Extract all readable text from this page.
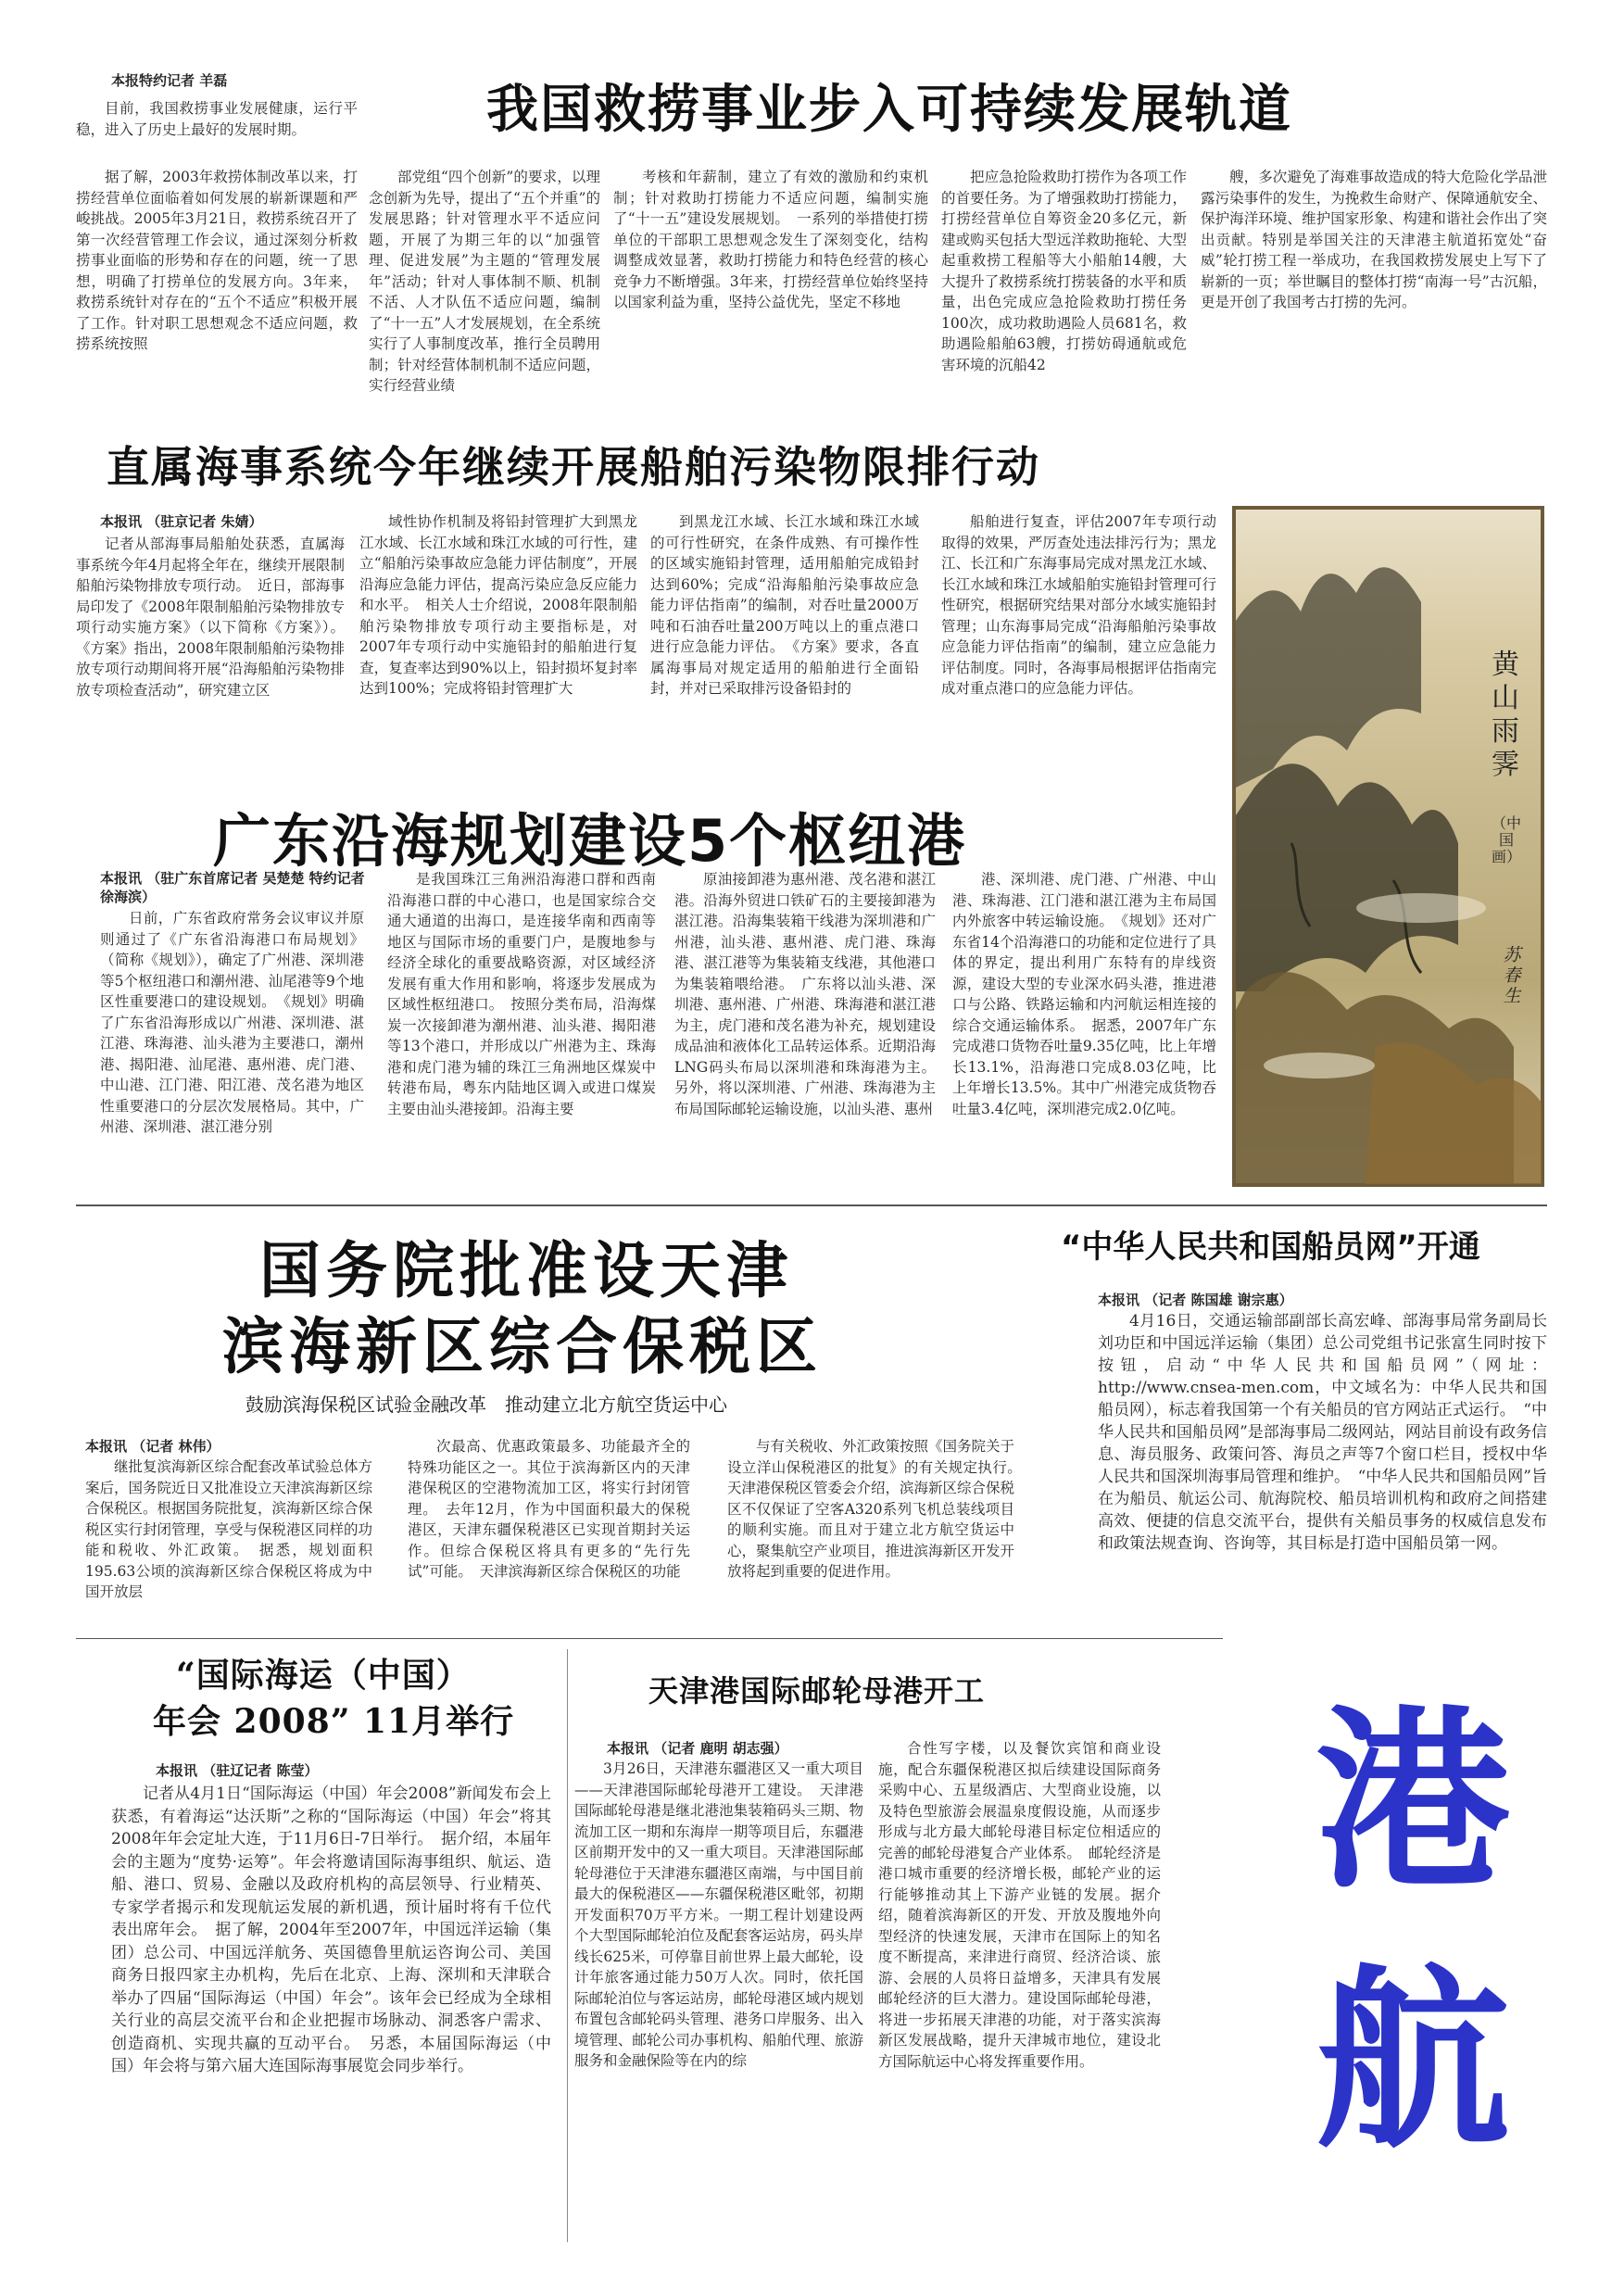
本报特约记者 羊磊	我国救捞事业步入可持续发展轨道

目前，我国救捞事业发展健康，运行平稳，进入了历史上最好的发展时期。

据了解，2003年救捞体制改革以来，打捞经营单位面临着如何发展的崭新课题和严峻挑战。2005年3月21日，救捞系统召开了第一次经营管理工作会议，通过深刻分析救捞事业面临的形势和存在的问题，统一了思想，明确了打捞单位的发展方向。3年来，救捞系统针对存在的“五个不适应”积极开展了工作。针对职工思想观念不适应问题，救捞系统按照

部党组“四个创新”的要求，以理念创新为先导，提出了“五个并重”的发展思路；针对管理水平不适应问题，开展了为期三年的以“加强管理、促进发展”为主题的“管理发展年”活动；针对人事体制不顺、机制不活、人才队伍不适应问题，编制了“十一五”人才发展规划，在全系统实行了人事制度改革，推行全员聘用制；针对经营体制机制不适应问题，实行经营业绩

考核和年薪制，建立了有效的激励和约束机制；针对救助打捞能力不适应问题，编制实施了“十一五”建设发展规划。　一系列的举措使打捞单位的干部职工思想观念发生了深刻变化，结构调整成效显著，救助打捞能力和特色经营的核心竞争力不断增强。3年来，打捞经营单位始终坚持以国家利益为重，坚持公益优先，坚定不移地

把应急抢险救助打捞作为各项工作的首要任务。为了增强救助打捞能力，打捞经营单位自筹资金20多亿元，新建或购买包括大型远洋救助拖轮、大型起重救捞工程船等大小船舶14艘，大大提升了救捞系统打捞装备的水平和质量，出色完成应急抢险救助打捞任务100次，成功救助遇险人员681名，救助遇险船舶63艘，打捞妨碍通航或危害环境的沉船42

艘，多次避免了海难事故造成的特大危险化学品泄露污染事件的发生，为挽救生命财产、保障通航安全、保护海洋环境、维护国家形象、构建和谐社会作出了突出贡献。特别是举国关注的天津港主航道拓宽处“奋威”轮打捞工程一举成功，在我国救捞发展史上写下了崭新的一页；举世瞩目的整体打捞“南海一号”古沉船，更是开创了我国考古打捞的先河。

直属海事系统今年继续开展船舶污染物限排行动
本报讯 （驻京记者 朱婧）

记者从部海事局船舶处获悉，直属海事系统今年4月起将全年在，继续开展限制船舶污染物排放专项行动。　近日，部海事局印发了《2008年限制船舶污染物排放专项行动实施方案》（以下简称《方案》）。《方案》指出，2008年限制船舶污染物排放专项行动期间将开展“沿海船舶污染物排放专项检查活动”，研究建立区

域性协作机制及将铅封管理扩大到黑龙江水域、长江水域和珠江水域的可行性，建立“船舶污染事故应急能力评估制度”，开展沿海应急能力评估，提高污染应急反应能力和水平。　相关人士介绍说，2008年限制船舶污染物排放专项行动主要指标是，对2007年专项行动中实施铅封的船舶进行复查，复查率达到90%以上，铅封损坏复封率达到100%；完成将铅封管理扩大

到黑龙江水域、长江水域和珠江水域的可行性研究，在条件成熟、有可操作性的区域实施铅封管理，适用船舶完成铅封达到60%；完成“沿海船舶污染事故应急能力评估指南”的编制，对吞吐量2000万吨和石油吞吐量200万吨以上的重点港口进行应急能力评估。　《方案》要求，各直属海事局对规定适用的船舶进行全面铅封，并对已采取排污设备铅封的

船舶进行复查，评估2007年专项行动取得的效果，严厉查处违法排污行为；黑龙江、长江和广东海事局完成对黑龙江水域、长江水域和珠江水域船舶实施铅封管理可行性研究，根据研究结果对部分水域实施铅封管理；山东海事局完成“沿海船舶污染事故应急能力评估指南”的编制，建立应急能力评估制度。同时，各海事局根据评估指南完成对重点港口的应急能力评估。

黄山雨霁
（中国画）
苏春生
广东沿海规划建设5个枢纽港
本报讯 （驻广东首席记者 吴楚楚 特约记者 徐海滨）

日前，广东省政府常务会议审议并原则通过了《广东省沿海港口布局规划》（简称《规划》），确定了广州港、深圳港等5个枢纽港口和潮州港、汕尾港等9个地区性重要港口的建设规划。　《规划》明确了广东省沿海形成以广州港、深圳港、湛江港、珠海港、汕头港为主要港口，潮州港、揭阳港、汕尾港、惠州港、虎门港、中山港、江门港、阳江港、茂名港为地区性重要港口的分层次发展格局。其中，广州港、深圳港、湛江港分别

是我国珠江三角洲沿海港口群和西南沿海港口群的中心港口，也是国家综合交通大通道的出海口，是连接华南和西南等地区与国际市场的重要门户，是腹地参与经济全球化的重要战略资源，对区域经济发展有重大作用和影响，将逐步发展成为区域性枢纽港口。　按照分类布局，沿海煤炭一次接卸港为潮州港、汕头港、揭阳港等13个港口，并形成以广州港为主、珠海港和虎门港为辅的珠江三角洲地区煤炭中转港布局，粤东内陆地区调入或进口煤炭主要由汕头港接卸。沿海主要

原油接卸港为惠州港、茂名港和湛江港。沿海外贸进口铁矿石的主要接卸港为湛江港。沿海集装箱干线港为深圳港和广州港，汕头港、惠州港、虎门港、珠海港、湛江港等为集装箱支线港，其他港口为集装箱喂给港。　广东将以汕头港、深圳港、惠州港、广州港、珠海港和湛江港为主，虎门港和茂名港为补充，规划建设成品油和液体化工品转运体系。近期沿海LNG码头布局以深圳港和珠海港为主。另外，将以深圳港、广州港、珠海港为主布局国际邮轮运输设施，以汕头港、惠州

港、深圳港、虎门港、广州港、中山港、珠海港、江门港和湛江港为主布局国内外旅客中转运输设施。　《规划》还对广东省14个沿海港口的功能和定位进行了具体的界定，提出利用广东特有的岸线资源，建设大型的专业深水码头港，推进港口与公路、铁路运输和内河航运相连接的综合交通运输体系。　据悉，2007年广东完成港口货物吞吐量9.35亿吨，比上年增长13.1%，沿海港口完成8.03亿吨，比上年增长13.5%。其中广州港完成货物吞吐量3.4亿吨，深圳港完成2.0亿吨。

国务院批准设天津
滨海新区综合保税区
鼓励滨海保税区试验金融改革　推动建立北方航空货运中心
本报讯 （记者 林伟）

继批复滨海新区综合配套改革试验总体方案后，国务院近日又批准设立天津滨海新区综合保税区。根据国务院批复，滨海新区综合保税区实行封闭管理，享受与保税港区同样的功能和税收、外汇政策。　据悉，规划面积195.63公顷的滨海新区综合保税区将成为中国开放层

次最高、优惠政策最多、功能最齐全的特殊功能区之一。其位于滨海新区内的天津港保税区的空港物流加工区，将实行封闭管理。　去年12月，作为中国面积最大的保税港区，天津东疆保税港区已实现首期封关运作。但综合保税区将具有更多的“先行先试”可能。　天津滨海新区综合保税区的功能

与有关税收、外汇政策按照《国务院关于设立洋山保税港区的批复》的有关规定执行。　天津港保税区管委会介绍，滨海新区综合保税区不仅保证了空客A320系列飞机总装线项目的顺利实施。而且对于建立北方航空货运中心，聚集航空产业项目，推进滨海新区开发开放将起到重要的促进作用。

“中华人民共和国船员网”开通
本报讯 （记者 陈国雄 谢宗惠）

4月16日，交通运输部副部长高宏峰、部海事局常务副局长刘功臣和中国远洋运输（集团）总公司党组书记张富生同时按下按钮，启动“中华人民共和国船员网”（网址：http://www.cnsea-men.com，中文域名为：中华人民共和国船员网），标志着我国第一个有关船员的官方网站正式运行。　“中华人民共和国船员网”是部海事局二级网站，网站目前设有政务信息、海员服务、政策问答、海员之声等7个窗口栏目，授权中华人民共和国深圳海事局管理和维护。　“中华人民共和国船员网”旨在为船员、航运公司、航海院校、船员培训机构和政府之间搭建高效、便捷的信息交流平台，提供有关船员事务的权威信息发布和政策法规查询、咨询等，其目标是打造中国船员第一网。

“国际海运（中国）
年会 2008” 11月举行
本报讯 （驻辽记者 陈莹）

记者从4月1日“国际海运（中国）年会2008”新闻发布会上获悉，有着海运“达沃斯”之称的“国际海运（中国）年会”将其2008年年会定址大连，于11月6日-7日举行。　据介绍，本届年会的主题为“度势·运筹”。年会将邀请国际海事组织、航运、造船、港口、贸易、金融以及政府机构的高层领导、行业精英、专家学者揭示和发现航运发展的新机遇，预计届时将有千位代表出席年会。　据了解，2004年至2007年，中国远洋运输（集团）总公司、中国远洋航务、英国德鲁里航运咨询公司、美国商务日报四家主办机构，先后在北京、上海、深圳和天津联合举办了四届“国际海运（中国）年会”。该年会已经成为全球相关行业的高层交流平台和企业把握市场脉动、洞悉客户需求、创造商机、实现共赢的互动平台。　另悉，本届国际海运（中国）年会将与第六届大连国际海事展览会同步举行。

天津港国际邮轮母港开工
本报讯 （记者 鹿明 胡志强）

3月26日，天津港东疆港区又一重大项目——天津港国际邮轮母港开工建设。　天津港国际邮轮母港是继北港池集装箱码头三期、物流加工区一期和东海岸一期等项目后，东疆港区前期开发中的又一重大项目。天津港国际邮轮母港位于天津港东疆港区南端，与中国目前最大的保税港区——东疆保税港区毗邻，初期开发面积70万平方米。一期工程计划建设两个大型国际邮轮泊位及配套客运站房，码头岸线长625米，可停靠目前世界上最大邮轮，设计年旅客通过能力50万人次。同时，依托国际邮轮泊位与客运站房，邮轮母港区域内规划布置包含邮轮码头管理、港务口岸服务、出入境管理、邮轮公司办事机构、船舶代理、旅游服务和金融保险等在内的综

合性写字楼，以及餐饮宾馆和商业设施，配合东疆保税港区拟后续建设国际商务采购中心、五星级酒店、大型商业设施，以及特色型旅游会展温泉度假设施，从而逐步形成与北方最大邮轮母港目标定位相适应的完善的邮轮母港复合产业体系。　邮轮经济是港口城市重要的经济增长极，邮轮产业的运行能够推动其上下游产业链的发展。据介绍，随着滨海新区的开发、开放及腹地外向型经济的快速发展，天津市在国际上的知名度不断提高，来津进行商贸、经济洽谈、旅游、会展的人员将日益增多，天津具有发展邮轮经济的巨大潜力。建设国际邮轮母港，将进一步拓展天津港的功能，对于落实滨海新区发展战略，提升天津城市地位，建设北方国际航运中心将发挥重要作用。

港
航
